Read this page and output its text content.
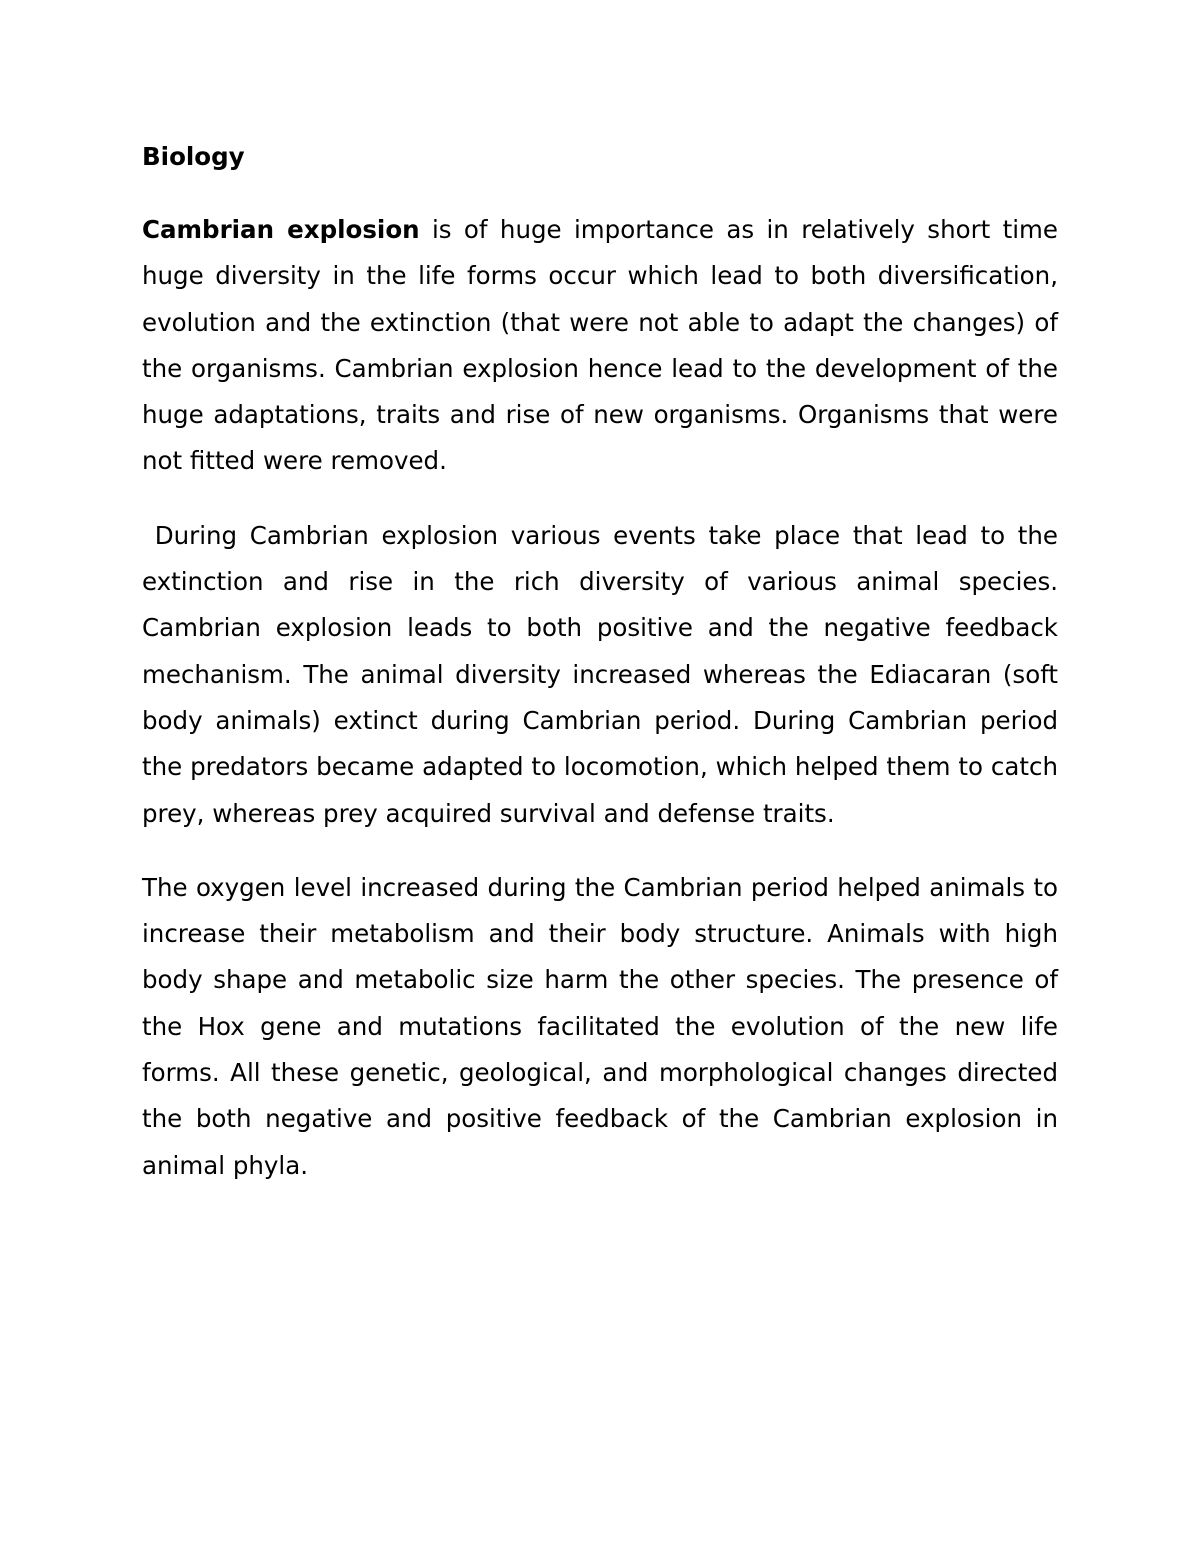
Biology

Cambrian explosion is of huge importance as in relatively short time huge diversity in the life forms occur which lead to both diversification, evolution and the extinction (that were not able to adapt the changes) of the organisms. Cambrian explosion hence lead to the development of the huge adaptations, traits and rise of new organisms. Organisms that were not fitted were removed.

During Cambrian explosion various events take place that lead to the extinction and rise in the rich diversity of various animal species. Cambrian explosion leads to both positive and the negative feedback mechanism. The animal diversity increased whereas the Ediacaran (soft body animals) extinct during Cambrian period. During Cambrian period the predators became adapted to locomotion, which helped them to catch prey, whereas prey acquired survival and defense traits.

The oxygen level increased during the Cambrian period helped animals to increase their metabolism and their body structure. Animals with high body shape and metabolic size harm the other species. The presence of the Hox gene and mutations facilitated the evolution of the new life forms. All these genetic, geological, and morphological changes directed the both negative and positive feedback of the Cambrian explosion in animal phyla.
